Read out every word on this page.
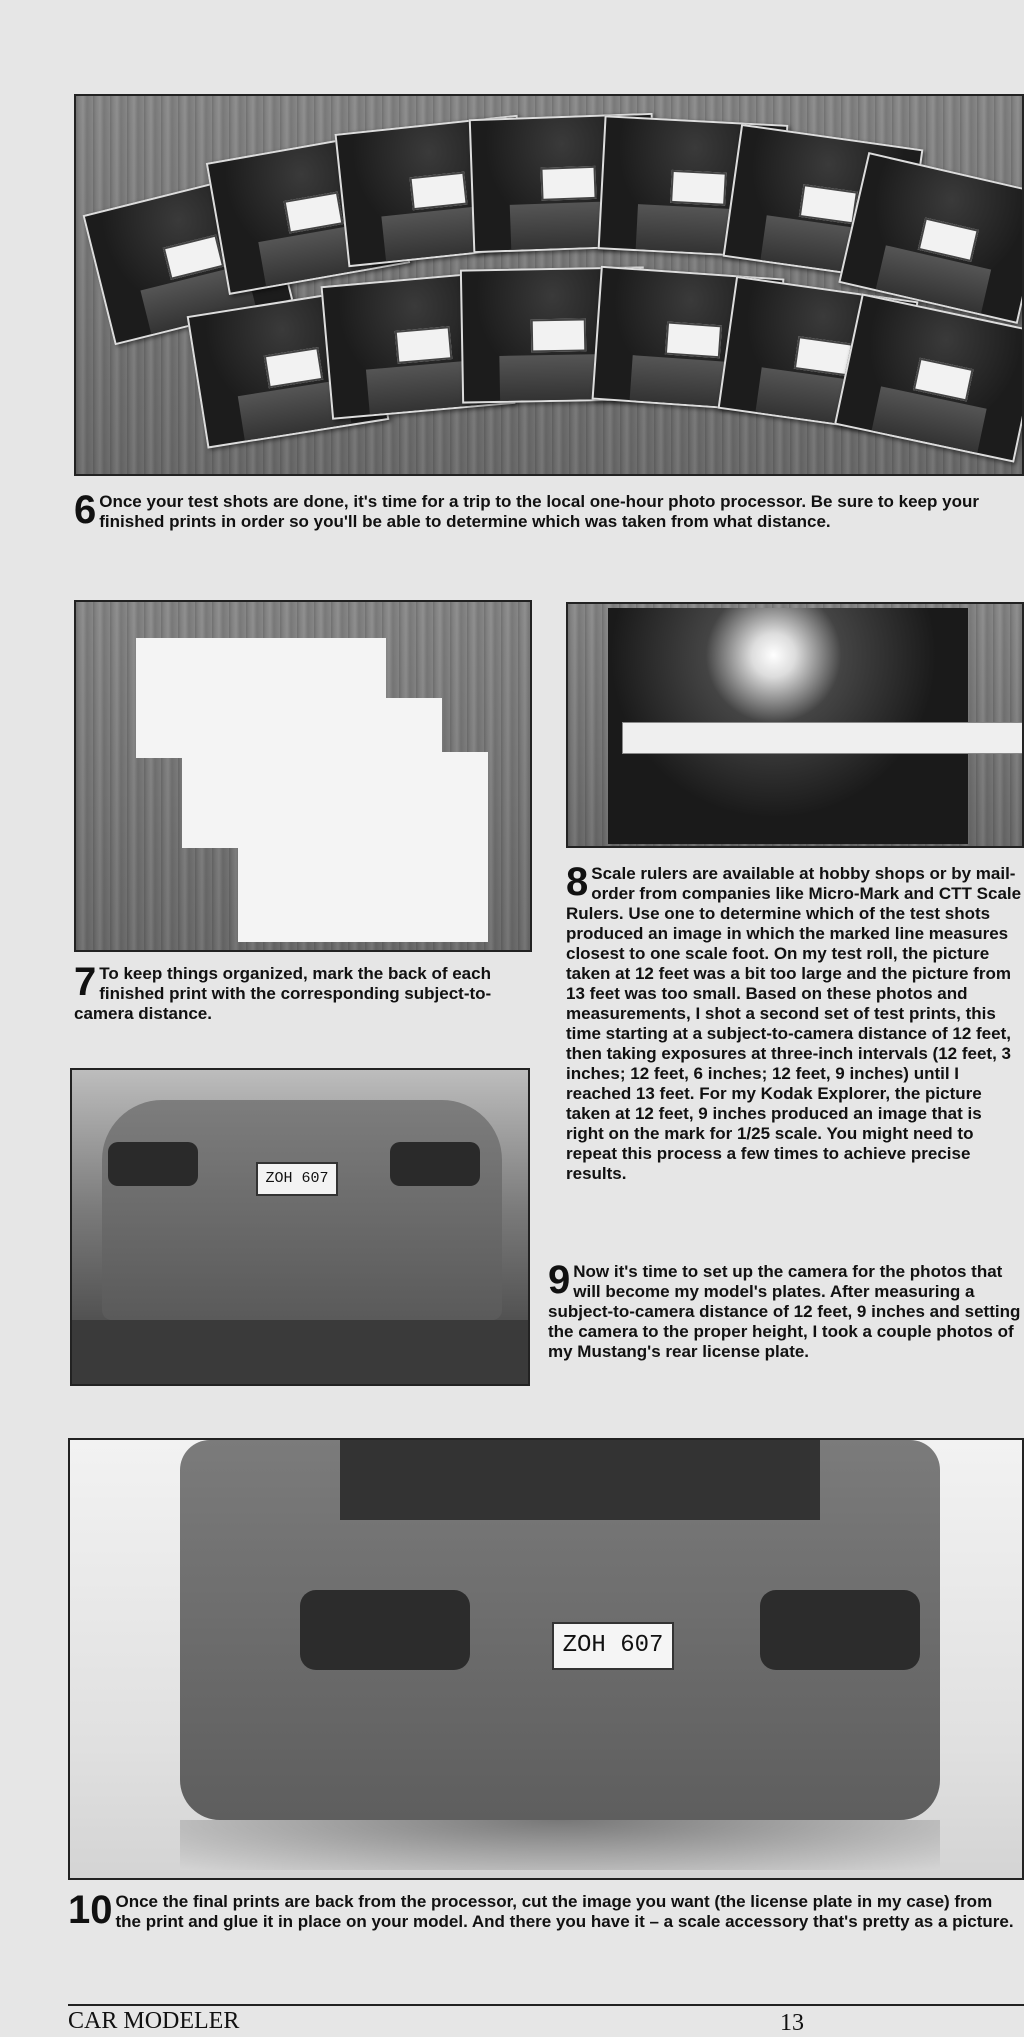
6 Once your test shots are done, it's time for a trip to the local one-hour photo processor. Be sure to keep your finished prints in order so you'll be able to determine which was taken from what distance.
7 To keep things organized, mark the back of each finished print with the corresponding subject-to-camera distance.
8 Scale rulers are available at hobby shops or by mail-order from companies like Micro-Mark and CTT Scale Rulers. Use one to determine which of the test shots produced an image in which the marked line measures closest to one scale foot. On my test roll, the picture taken at 12 feet was a bit too large and the picture from 13 feet was too small. Based on these photos and measurements, I shot a second set of test prints, this time starting at a subject-to-camera distance of 12 feet, then taking exposures at three-inch intervals (12 feet, 3 inches; 12 feet, 6 inches; 12 feet, 9 inches) until I reached 13 feet. For my Kodak Explorer, the picture taken at 12 feet, 9 inches produced an image that is right on the mark for 1/25 scale. You might need to repeat this process a few times to achieve precise results.
ZOH 607
9 Now it's time to set up the camera for the photos that will become my model's plates. After measuring a subject-to-camera distance of 12 feet, 9 inches and setting the camera to the proper height, I took a couple photos of my Mustang's rear license plate.
ZOH 607
10 Once the final prints are back from the processor, cut the image you want (the license plate in my case) from the print and glue it in place on your model. And there you have it – a scale accessory that's pretty as a picture.
CAR MODELER	13
